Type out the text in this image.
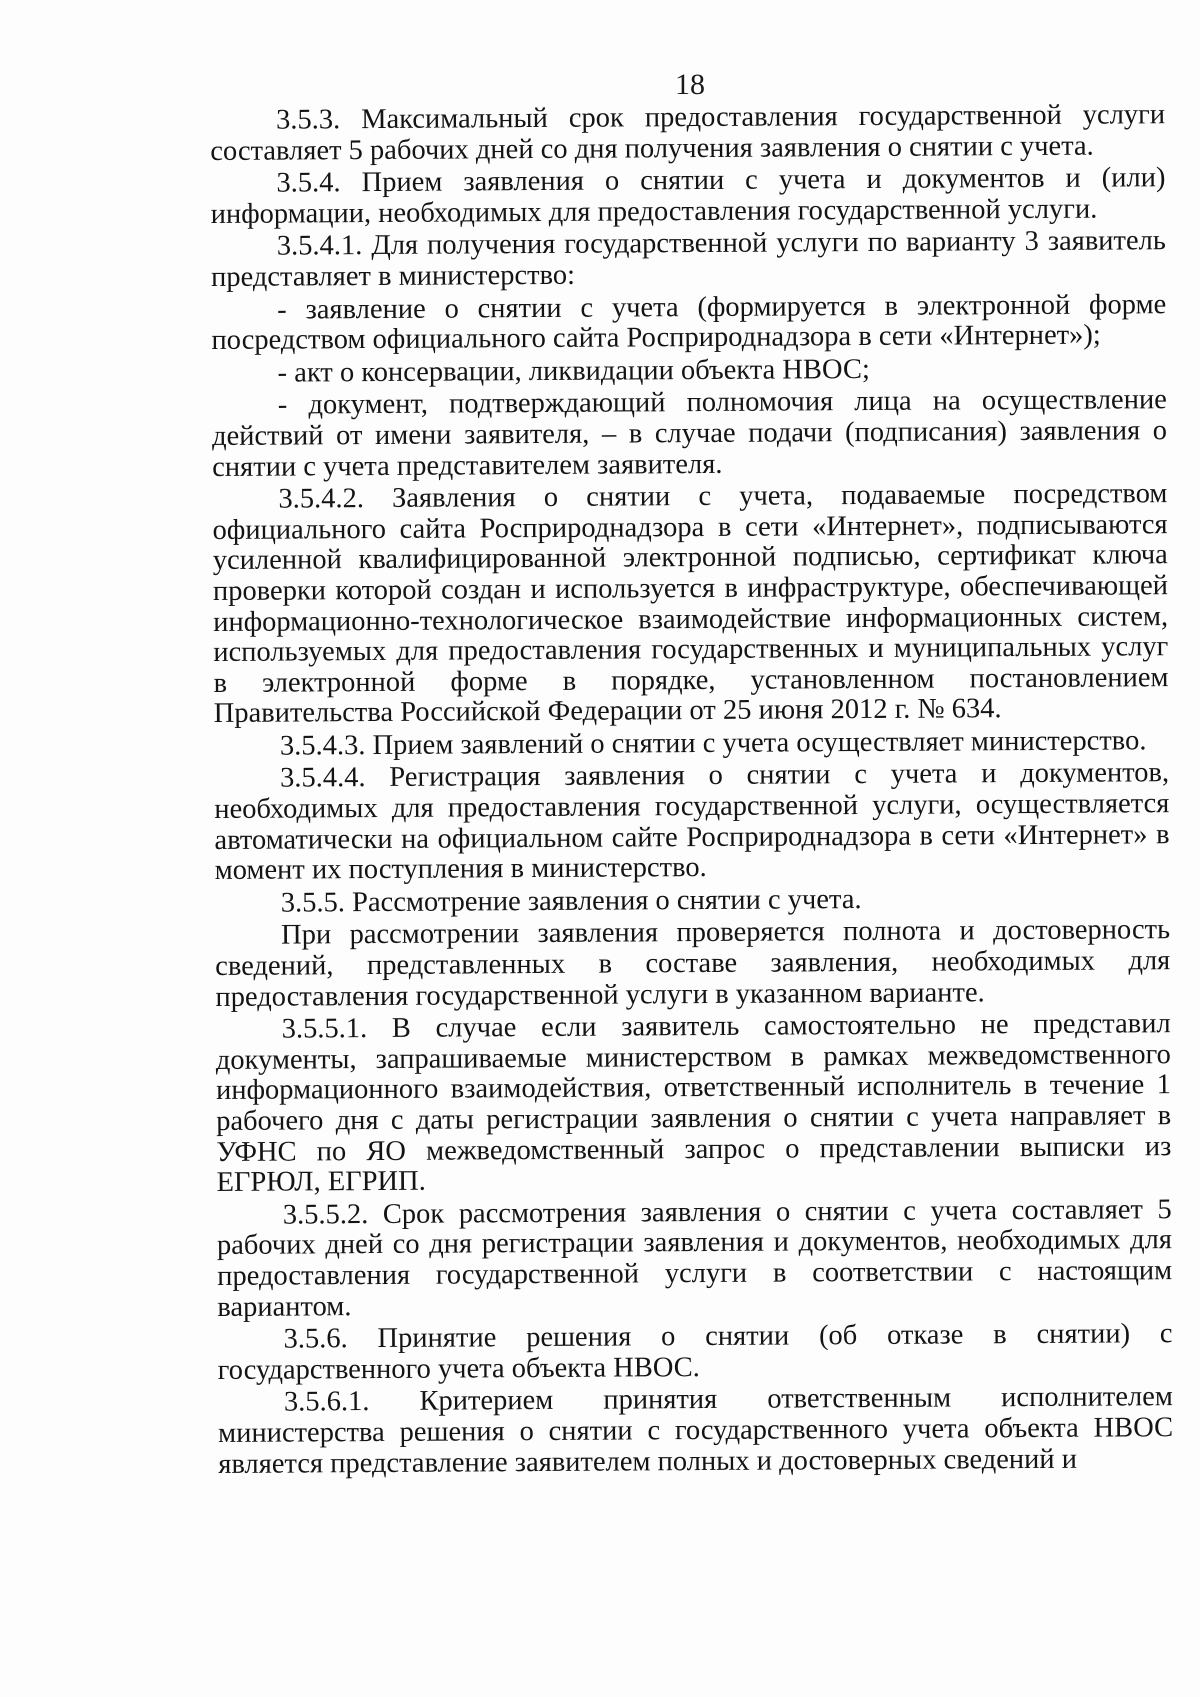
18

3.5.3. Максимальный срок предоставления государственной услуги составляет 5 рабочих дней со дня получения заявления о снятии с учета.

3.5.4. Прием заявления о снятии с учета и документов и (или) информации, необходимых для предоставления государственной услуги.

3.5.4.1. Для получения государственной услуги по варианту 3 заявитель представляет в министерство:

- заявление о снятии с учета (формируется в электронной форме посредством официального сайта Росприроднадзора в сети «Интернет»);

- акт о консервации, ликвидации объекта НВОС;

- документ, подтверждающий полномочия лица на осуществление действий от имени заявителя, – в случае подачи (подписания) заявления о снятии с учета представителем заявителя.

3.5.4.2. Заявления о снятии с учета, подаваемые посредством официального сайта Росприроднадзора в сети «Интернет», подписываются усиленной квалифицированной электронной подписью, сертификат ключа проверки которой создан и используется в инфраструктуре, обеспечивающей информационно-технологическое взаимодействие информационных систем, используемых для предоставления государственных и муниципальных услуг в электронной форме в порядке, установленном постановлением Правительства Российской Федерации от 25 июня 2012 г. № 634.

3.5.4.3. Прием заявлений о снятии с учета осуществляет министерство.

3.5.4.4. Регистрация заявления о снятии с учета и документов, необходимых для предоставления государственной услуги, осуществляется автоматически на официальном сайте Росприроднадзора в сети «Интернет» в момент их поступления в министерство.

3.5.5. Рассмотрение заявления о снятии с учета.

При рассмотрении заявления проверяется полнота и достоверность сведений, представленных в составе заявления, необходимых для предоставления государственной услуги в указанном варианте.

3.5.5.1. В случае если заявитель самостоятельно не представил документы, запрашиваемые министерством в рамках межведомственного информационного взаимодействия, ответственный исполнитель в течение 1 рабочего дня с даты регистрации заявления о снятии с учета направляет в УФНС по ЯО межведомственный запрос о представлении выписки из ЕГРЮЛ, ЕГРИП.

3.5.5.2. Срок рассмотрения заявления о снятии с учета составляет 5 рабочих дней со дня регистрации заявления и документов, необходимых для предоставления государственной услуги в соответствии с настоящим вариантом.

3.5.6. Принятие решения о снятии (об отказе в снятии) с государственного учета объекта НВОС.

3.5.6.1. Критерием принятия ответственным исполнителем министерства решения о снятии с государственного учета объекта НВОС является представление заявителем полных и достоверных сведений и
